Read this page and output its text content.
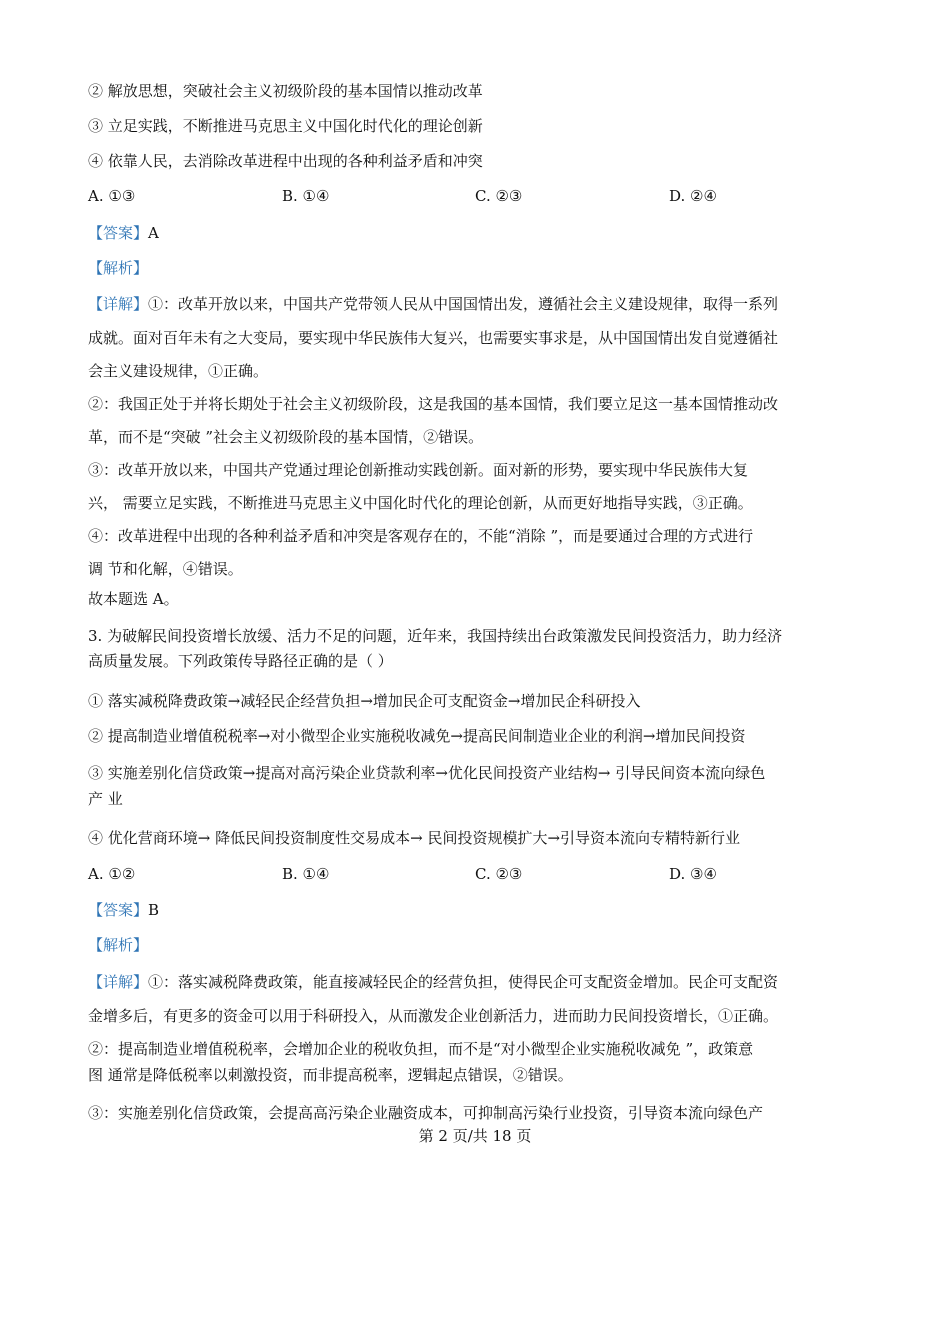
② 解放思想，突破社会主义初级阶段的基本国情以推动改革
③ 立足实践，不断推进马克思主义中国化时代化的理论创新
④ 依靠人民，去消除改革进程中出现的各种利益矛盾和冲突
A. ①③	B. ①④	C. ②③	D. ②④
【答案】A
【解析】
【详解】①：改革开放以来，中国共产党带领人民从中国国情出发，遵循社会主义建设规律，取得一系列
成就。面对百年未有之大变局，要实现中华民族伟大复兴，也需要实事求是，从中国国情出发自觉遵循社
会主义建设规律，①正确。
②：我国正处于并将长期处于社会主义初级阶段，这是我国的基本国情，我们要立足这一基本国情推动改
革，而不是“突破 ”社会主义初级阶段的基本国情，②错误。
③：改革开放以来，中国共产党通过理论创新推动实践创新。面对新的形势，要实现中华民族伟大复
兴， 需要立足实践，不断推进马克思主义中国化时代化的理论创新，从而更好地指导实践，③正确。
④：改革进程中出现的各种利益矛盾和冲突是客观存在的，不能“消除 ”，而是要通过合理的方式进行
调 节和化解，④错误。
故本题选 A。
3. 为破解民间投资增长放缓、活力不足的问题，近年来，我国持续出台政策激发民间投资活力，助力经济
高质量发展。下列政策传导路径正确的是（ ）
① 落实减税降费政策→减轻民企经营负担→增加民企可支配资金→增加民企科研投入
② 提高制造业增值税税率→对小微型企业实施税收减免→提高民间制造业企业的利润→增加民间投资
③ 实施差别化信贷政策→提高对高污染企业贷款利率→优化民间投资产业结构→ 引导民间资本流向绿色
产 业
④ 优化营商环境→ 降低民间投资制度性交易成本→ 民间投资规模扩大→引导资本流向专精特新行业
A. ①②	B. ①④	C. ②③	D. ③④
【答案】B
【解析】
【详解】①：落实减税降费政策，能直接减轻民企的经营负担，使得民企可支配资金增加。民企可支配资
金增多后，有更多的资金可以用于科研投入，从而激发企业创新活力，进而助力民间投资增长，①正确。
②：提高制造业增值税税率，会增加企业的税收负担，而不是“对小微型企业实施税收减免 ”，政策意
图 通常是降低税率以刺激投资，而非提高税率，逻辑起点错误，②错误。
③：实施差别化信贷政策，会提高高污染企业融资成本，可抑制高污染行业投资，引导资本流向绿色产
第 2 页/共 18 页
